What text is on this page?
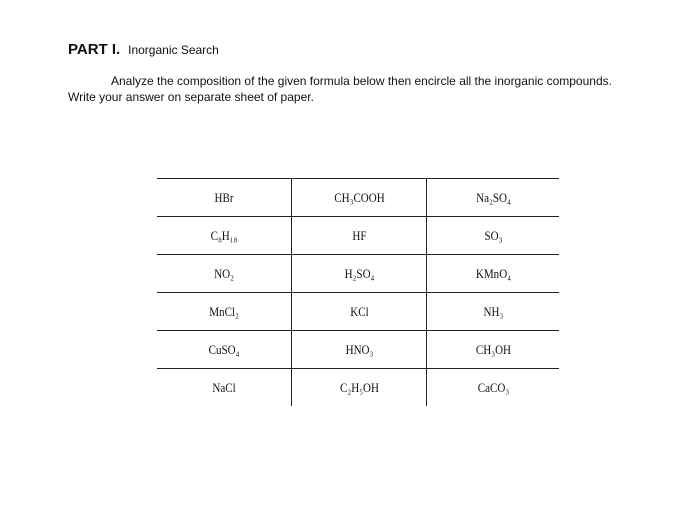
PART I. Inorganic Search

Analyze the composition of the given formula below then encircle all the inorganic compounds.
Write your answer on separate sheet of paper.

HBr	CH₃COOH	Na₂SO₄
C₈H₁₈	HF	SO₃
NO₂	H₂SO₄	KMnO₄
MnCl₂	KCl	NH₃
CuSO₄	HNO₃	CH₃OH
NaCl	C₂H₅OH	CaCO₃
